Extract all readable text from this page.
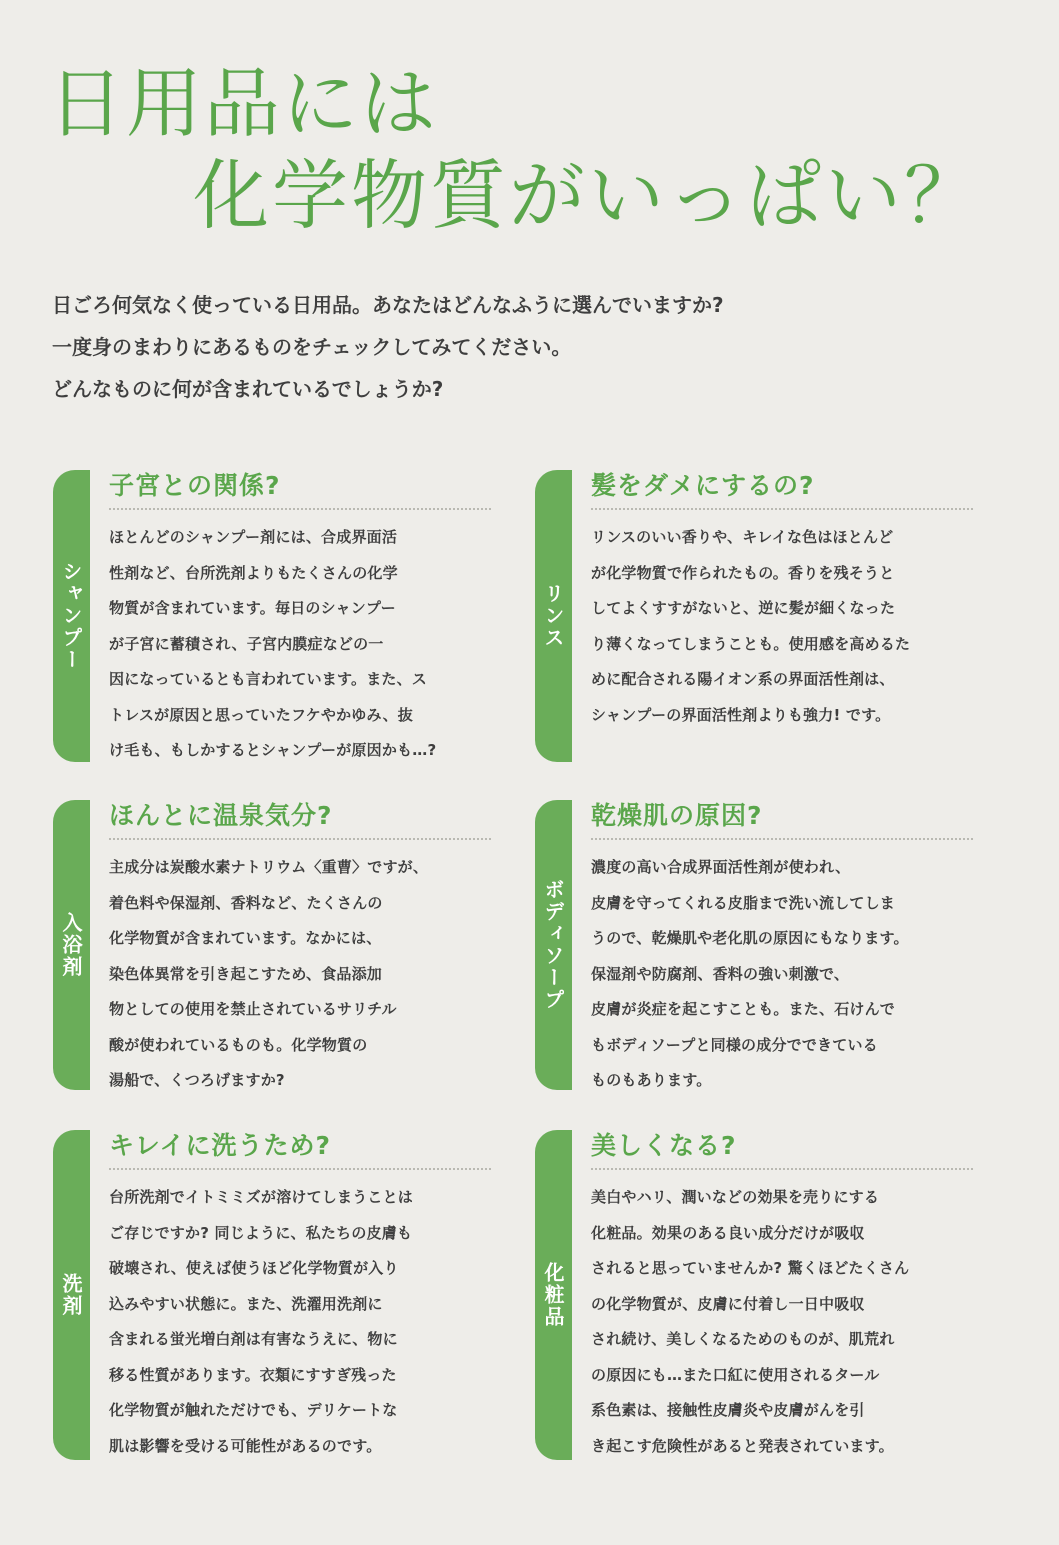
日用品には
化学物質がいっぱい？

日ごろ何気なく使っている日用品。あなたはどんなふうに選んでいますか?

一度身のまわりにあるものをチェックしてみてください。

どんなものに何が含まれているでしょうか?

シャンプー
子宮との関係?
ほとんどのシャンプー剤には、合成界面活
性剤など、台所洗剤よりもたくさんの化学
物質が含まれています。毎日のシャンプー
が子宮に蓄積され、子宮内膜症などの一
因になっているとも言われています。また、ス
トレスが原因と思っていたフケやかゆみ、抜
け毛も、もしかするとシャンプーが原因かも…?
リンス
髪をダメにするの?
リンスのいい香りや、キレイな色はほとんど
が化学物質で作られたもの。香りを残そうと
してよくすすがないと、逆に髪が細くなった
り薄くなってしまうことも。使用感を高めるた
めに配合される陽イオン系の界面活性剤は、
シャンプーの界面活性剤よりも強力! です。
入浴剤
ほんとに温泉気分?
主成分は炭酸水素ナトリウム〈重曹〉ですが、
着色料や保湿剤、香料など、たくさんの
化学物質が含まれています。なかには、
染色体異常を引き起こすため、食品添加
物としての使用を禁止されているサリチル
酸が使われているものも。化学物質の
湯船で、くつろげますか?
ボディソープ
乾燥肌の原因?
濃度の高い合成界面活性剤が使われ、
皮膚を守ってくれる皮脂まで洗い流してしま
うので、乾燥肌や老化肌の原因にもなります。
保湿剤や防腐剤、香料の強い刺激で、
皮膚が炎症を起こすことも。また、石けんで
もボディソープと同様の成分でできている
ものもあります。
洗剤
キレイに洗うため?
台所洗剤でイトミミズが溶けてしまうことは
ご存じですか? 同じように、私たちの皮膚も
破壊され、使えば使うほど化学物質が入り
込みやすい状態に。また、洗濯用洗剤に
含まれる蛍光増白剤は有害なうえに、物に
移る性質があります。衣類にすすぎ残った
化学物質が触れただけでも、デリケートな
肌は影響を受ける可能性があるのです。
化粧品
美しくなる?
美白やハリ、潤いなどの効果を売りにする
化粧品。効果のある良い成分だけが吸収
されると思っていませんか? 驚くほどたくさん
の化学物質が、皮膚に付着し一日中吸収
され続け、美しくなるためのものが、肌荒れ
の原因にも…また口紅に使用されるタール
系色素は、接触性皮膚炎や皮膚がんを引
き起こす危険性があると発表されています。
